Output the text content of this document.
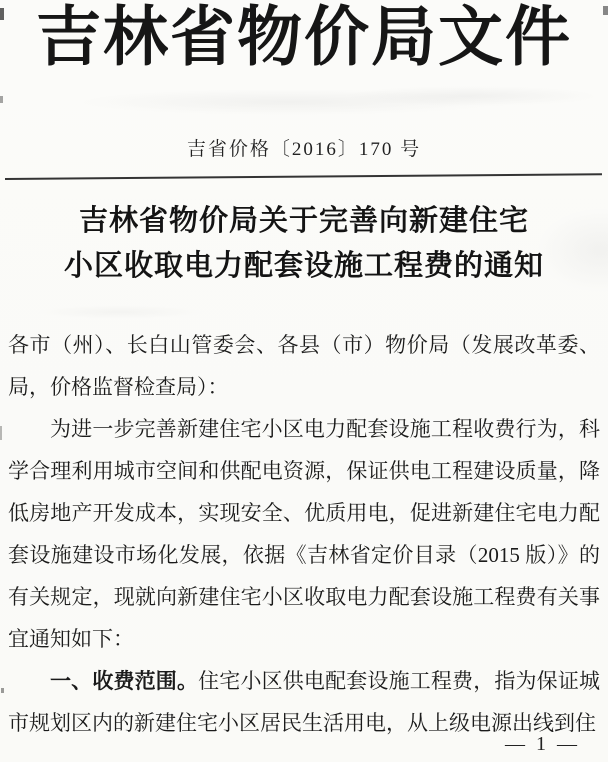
吉林省物价局文件
吉省价格〔2016〕170 号
吉林省物价局关于完善向新建住宅
小区收取电力配套设施工程费的通知

各市（州）、长白山管委会、各县（市）物价局（发展改革委、局，价格监督检查局）：

为进一步完善新建住宅小区电力配套设施工程收费行为，科学合理利用城市空间和供配电资源，保证供电工程建设质量，降低房地产开发成本，实现安全、优质用电，促进新建住宅电力配套设施建设市场化发展，依据《吉林省定价目录（2015 版）》的有关规定，现就向新建住宅小区收取电力配套设施工程费有关事宜通知如下：

一、收费范围。住宅小区供电配套设施工程费，指为保证城市规划区内的新建住宅小区居民生活用电，从上级电源出线到住

— 1 —
